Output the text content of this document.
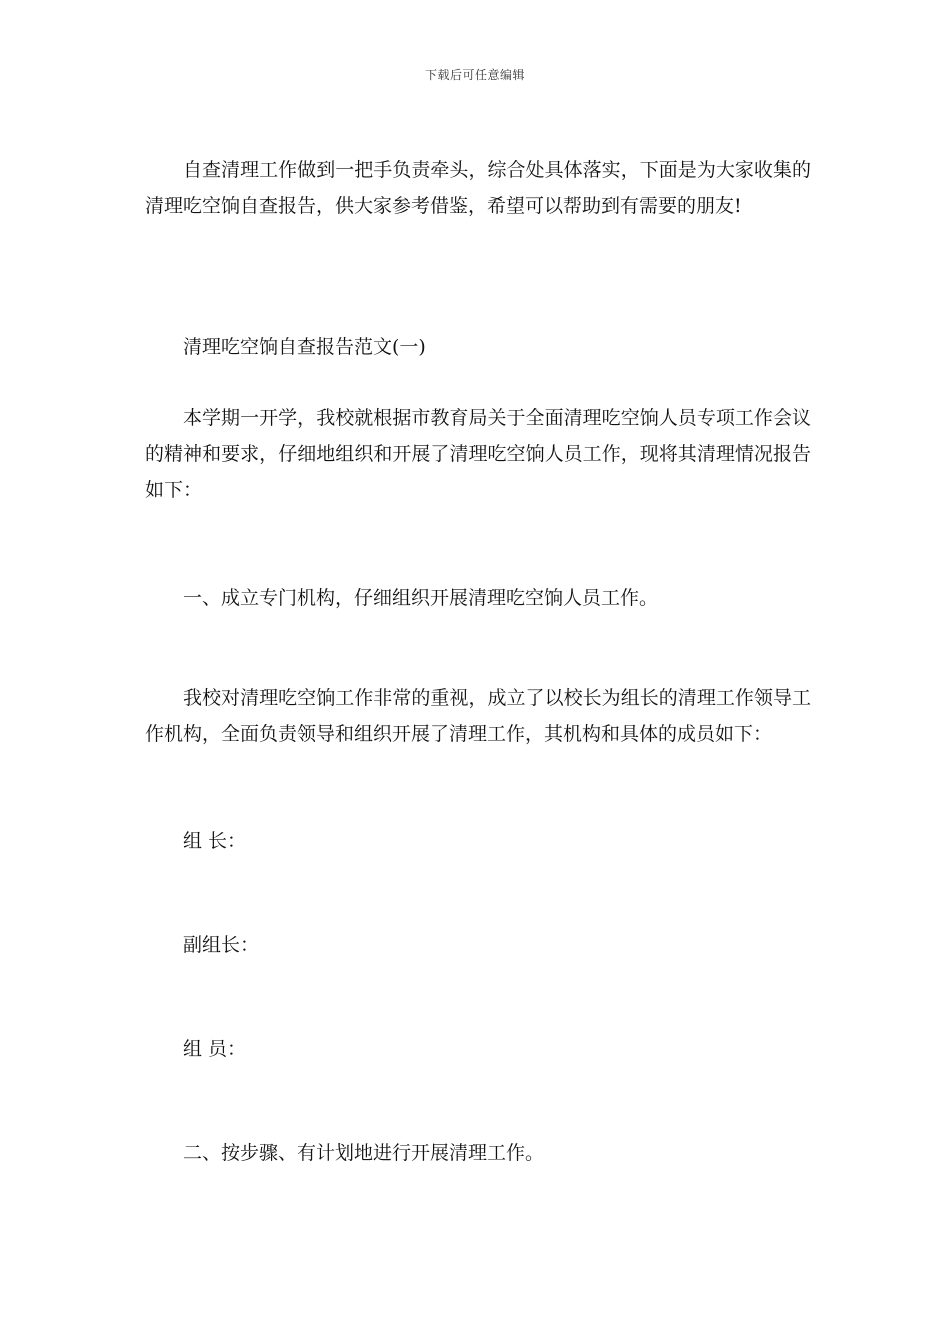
下载后可任意编辑

自查清理工作做到一把手负责牵头，综合处具体落实，下面是为大家收集的清理吃空饷自查报告，供大家参考借鉴，希望可以帮助到有需要的朋友!

清理吃空饷自查报告范文(一)

本学期一开学，我校就根据市教育局关于全面清理吃空饷人员专项工作会议的精神和要求，仔细地组织和开展了清理吃空饷人员工作，现将其清理情况报告如下：

一、成立专门机构，仔细组织开展清理吃空饷人员工作。

我校对清理吃空饷工作非常的重视，成立了以校长为组长的清理工作领导工作机构，全面负责领导和组织开展了清理工作，其机构和具体的成员如下：

组 长：

副组长：

组 员：

二、按步骤、有计划地进行开展清理工作。
